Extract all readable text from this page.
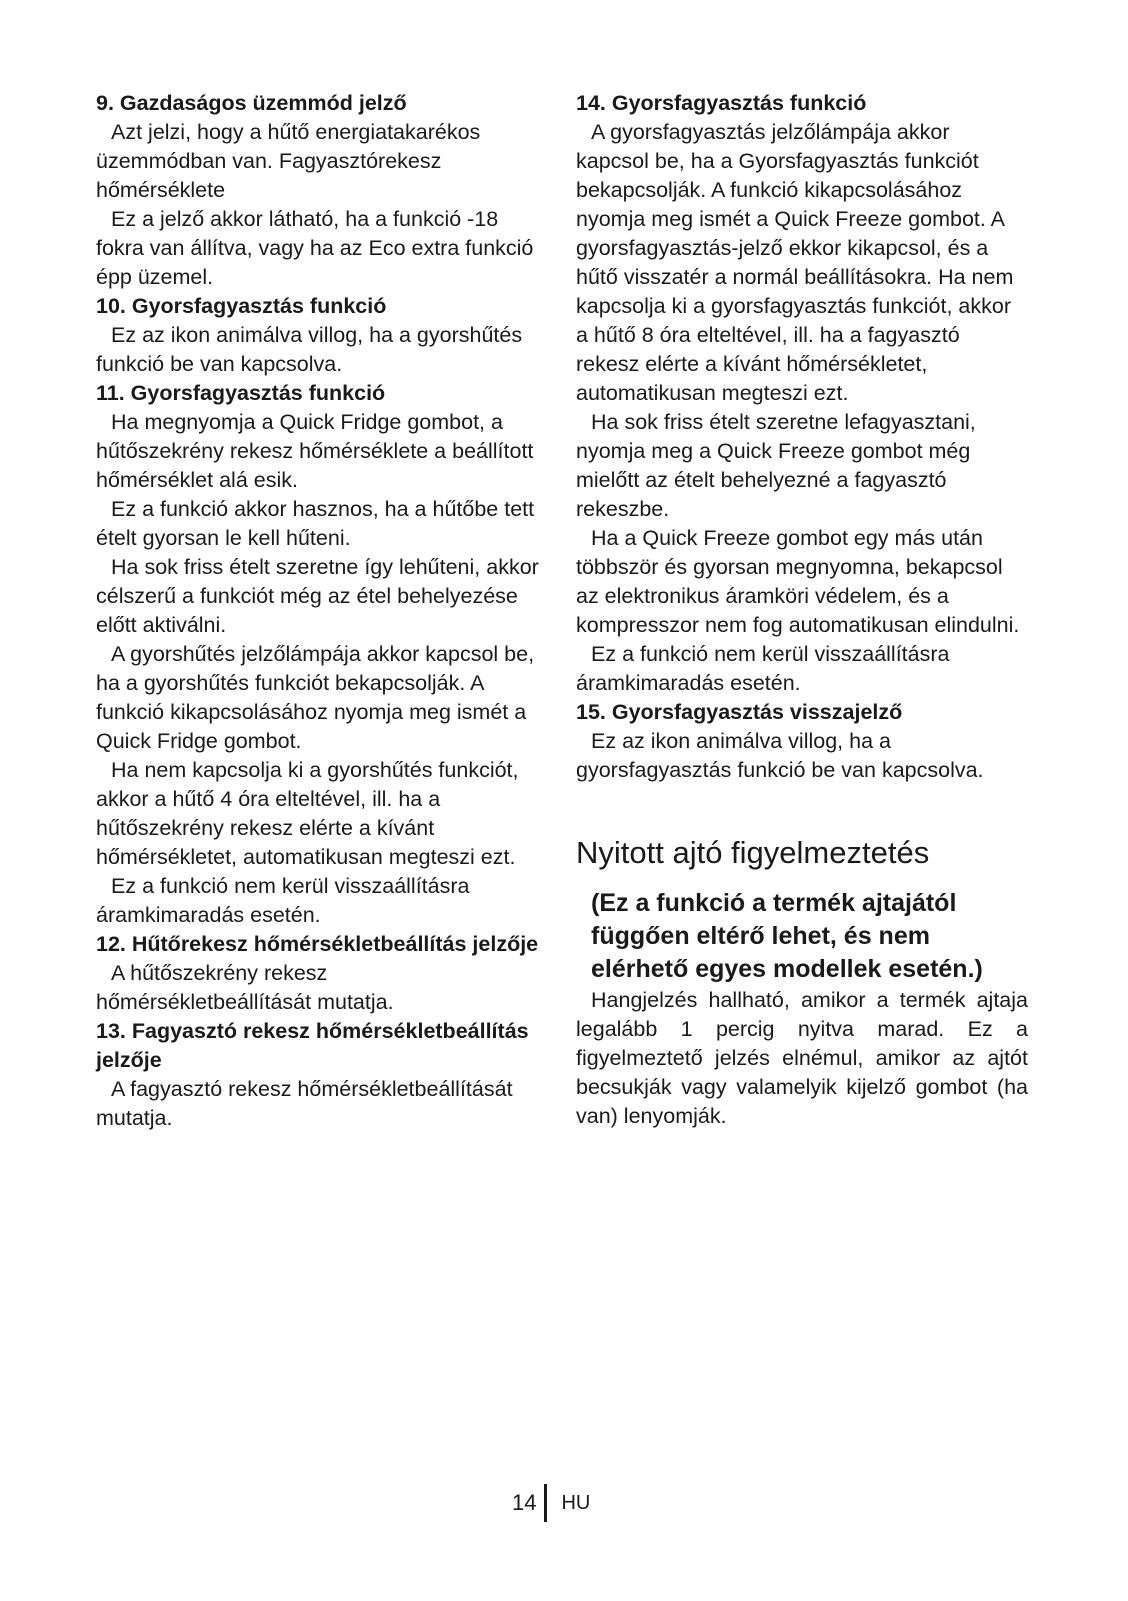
9. Gazdaságos üzemmód jelző

Azt jelzi, hogy a hűtő energiatakarékos üzemmódban van. Fagyasztórekesz hőmérséklete

Ez a jelző akkor látható, ha a funkció -18 fokra van állítva, vagy ha az Eco extra funkció épp üzemel.

10. Gyorsfagyasztás funkció

Ez az ikon animálva villog, ha a gyorshűtés funkció be van kapcsolva.

11. Gyorsfagyasztás funkció

Ha megnyomja a Quick Fridge gombot, a hűtőszekrény rekesz hőmérséklete a beállított hőmérséklet alá esik.

Ez a funkció akkor hasznos, ha a hűtőbe tett ételt gyorsan le kell hűteni.

Ha sok friss ételt szeretne így lehűteni, akkor célszerű a funkciót még az étel behelyezése előtt aktiválni.

A gyorshűtés jelzőlámpája akkor kapcsol be, ha a gyorshűtés funkciót bekapcsolják. A funkció kikapcsolásához nyomja meg ismét a Quick Fridge gombot.

Ha nem kapcsolja ki a gyorshűtés funkciót, akkor a hűtő 4 óra elteltével, ill. ha a hűtőszekrény rekesz elérte a kívánt hőmérsékletet, automatikusan megteszi ezt.

Ez a funkció nem kerül visszaállításra áramkimaradás esetén.

12. Hűtőrekesz hőmérsékletbeállítás jelzője

A hűtőszekrény rekesz hőmérsékletbeállítását mutatja.

13. Fagyasztó rekesz hőmérsékletbeállítás jelzője

A fagyasztó rekesz hőmérsékletbeállítását mutatja.

14. Gyorsfagyasztás funkció

A gyorsfagyasztás jelzőlámpája akkor kapcsol be, ha a Gyorsfagyasztás funkciót bekapcsolják. A funkció kikapcsolásához nyomja meg ismét a Quick Freeze gombot. A gyorsfagyasztás-jelző ekkor kikapcsol, és a hűtő visszatér a normál beállításokra. Ha nem kapcsolja ki a gyorsfagyasztás funkciót, akkor a hűtő 8 óra elteltével, ill. ha a fagyasztó rekesz elérte a kívánt hőmérsékletet, automatikusan megteszi ezt.

Ha sok friss ételt szeretne lefagyasztani, nyomja meg a Quick Freeze gombot még mielőtt az ételt behelyezné a fagyasztó rekeszbe.

Ha a Quick Freeze gombot egy más után többször és gyorsan megnyomna, bekapcsol az elektronikus áramköri védelem, és a kompresszor nem fog automatikusan elindulni.

Ez a funkció nem kerül visszaállításra áramkimaradás esetén.

15. Gyorsfagyasztás visszajelző

Ez az ikon animálva villog, ha a gyorsfagyasztás funkció be van kapcsolva.

Nyitott ajtó figyelmeztetés
(Ez a funkció a termék ajtajától függően eltérő lehet, és nem elérhető egyes modellek esetén.)

Hangjelzés hallható, amikor a termék ajtaja legalább 1 percig nyitva marad. Ez a figyelmeztető jelzés elnémul, amikor az ajtót becsukják vagy valamelyik kijelző gombot (ha van) lenyomják.

14	HU
